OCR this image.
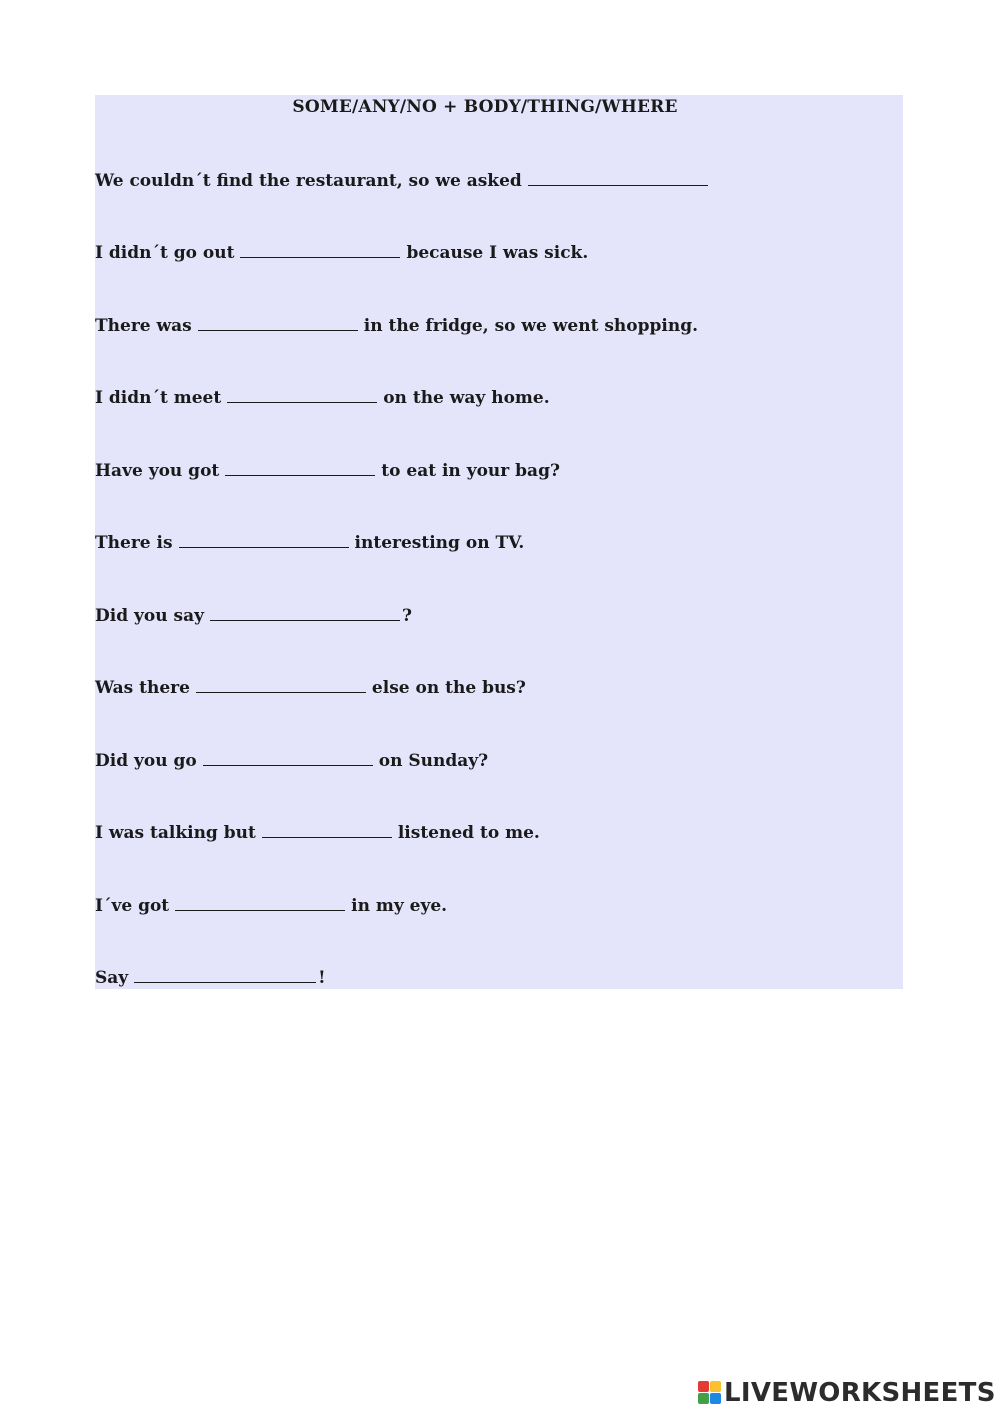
SOME/ANY/NO + BODY/THING/WHERE
We couldn´t find the restaurant, so we asked
I didn´t go out	because I was sick.
There was	in the fridge, so we went shopping.
I didn´t meet	on the way home.
Have you got	to eat in your bag?
There is	interesting on TV.
Did you say	?
Was there	else on the bus?
Did you go	on Sunday?
I was talking but	listened to me.
I´ve got	in my eye.
Say	!
LIVEWORKSHEETS
